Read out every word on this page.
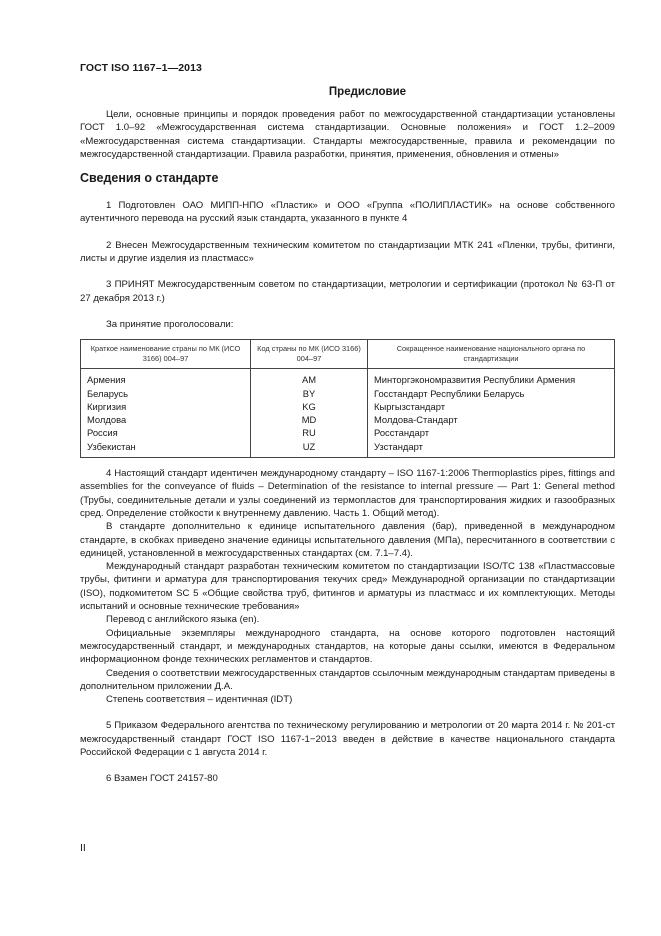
ГОСТ ISO 1167–1—2013
Предисловие

Цели, основные принципы и порядок проведения работ по межгосударственной стандартизации установлены ГОСТ 1.0–92 «Межгосударственная система стандартизации. Основные положения» и ГОСТ 1.2–2009 «Межгосударственная система стандартизации. Стандарты межгосударственные, правила и рекомендации по межгосударственной стандартизации. Правила разработки, принятия, применения, обновления и отмены»

Сведения о стандарте

1 Подготовлен ОАО МИПП-НПО «Пластик» и ООО «Группа «ПОЛИПЛАСТИК» на основе собственного аутентичного перевода на русский язык стандарта, указанного в пункте 4

2 Внесен Межгосударственным техническим комитетом по стандартизации МТК 241 «Пленки, трубы, фитинги, листы и другие изделия из пластмасс»

3 ПРИНЯТ Межгосударственным советом по стандартизации, метрологии и сертификации (протокол № 63-П от 27 декабря 2013 г.)

За принятие проголосовали:

Краткое наименование страны по МК (ИСО 3166) 004–97	Код страны по МК (ИСО 3166) 004–97	Сокращенное наименование национального органа по стандартизации
Армения	AM	Минторгэкономразвития Республики Армения
Беларусь	BY	Госстандарт Республики Беларусь
Киргизия	KG	Кыргызстандарт
Молдова	MD	Молдова-Стандарт
Россия	RU	Росстандарт
Узбекистан	UZ	Узстандарт

4 Настоящий стандарт идентичен международному стандарту – ISO 1167-1:2006 Thermoplastics pipes, fittings and assemblies for the conveyance of fluids – Determination of the resistance to internal pressure — Part 1: General method (Трубы, соединительные детали и узлы соединений из термопластов для транспортирования жидких и газообразных сред. Определение стойкости к внутреннему давлению. Часть 1. Общий метод).

В стандарте дополнительно к единице испытательного давления (бар), приведенной в международном стандарте, в скобках приведено значение единицы испытательного давления (МПа), пересчитанного в соответствии с единицей, установленной в межгосударственных стандартах (см. 7.1–7.4).

Международный стандарт разработан техническим комитетом по стандартизации ISO/TC 138 «Пластмассовые трубы, фитинги и арматура для транспортирования текучих сред» Международной организации по стандартизации (ISO), подкомитетом SC 5 «Общие свойства труб, фитингов и арматуры из пластмасс и их комплектующих. Методы испытаний и основные технические требования»

Перевод с английского языка (en).

Официальные экземпляры международного стандарта, на основе которого подготовлен настоящий межгосударственный стандарт, и международных стандартов, на которые даны ссылки, имеются в Федеральном информационном фонде технических регламентов и стандартов.

Сведения о соответствии межгосударственных стандартов ссылочным международным стандартам приведены в дополнительном приложении Д.А.

Степень соответствия – идентичная (IDT)

5 Приказом Федерального агентства по техническому регулированию и метрологии от 20 марта 2014 г. № 201-ст межгосударственный стандарт ГОСТ ISO 1167-1−2013 введен в действие в качестве национального стандарта Российской Федерации с 1 августа 2014 г.

6 Взамен ГОСТ 24157-80

II
